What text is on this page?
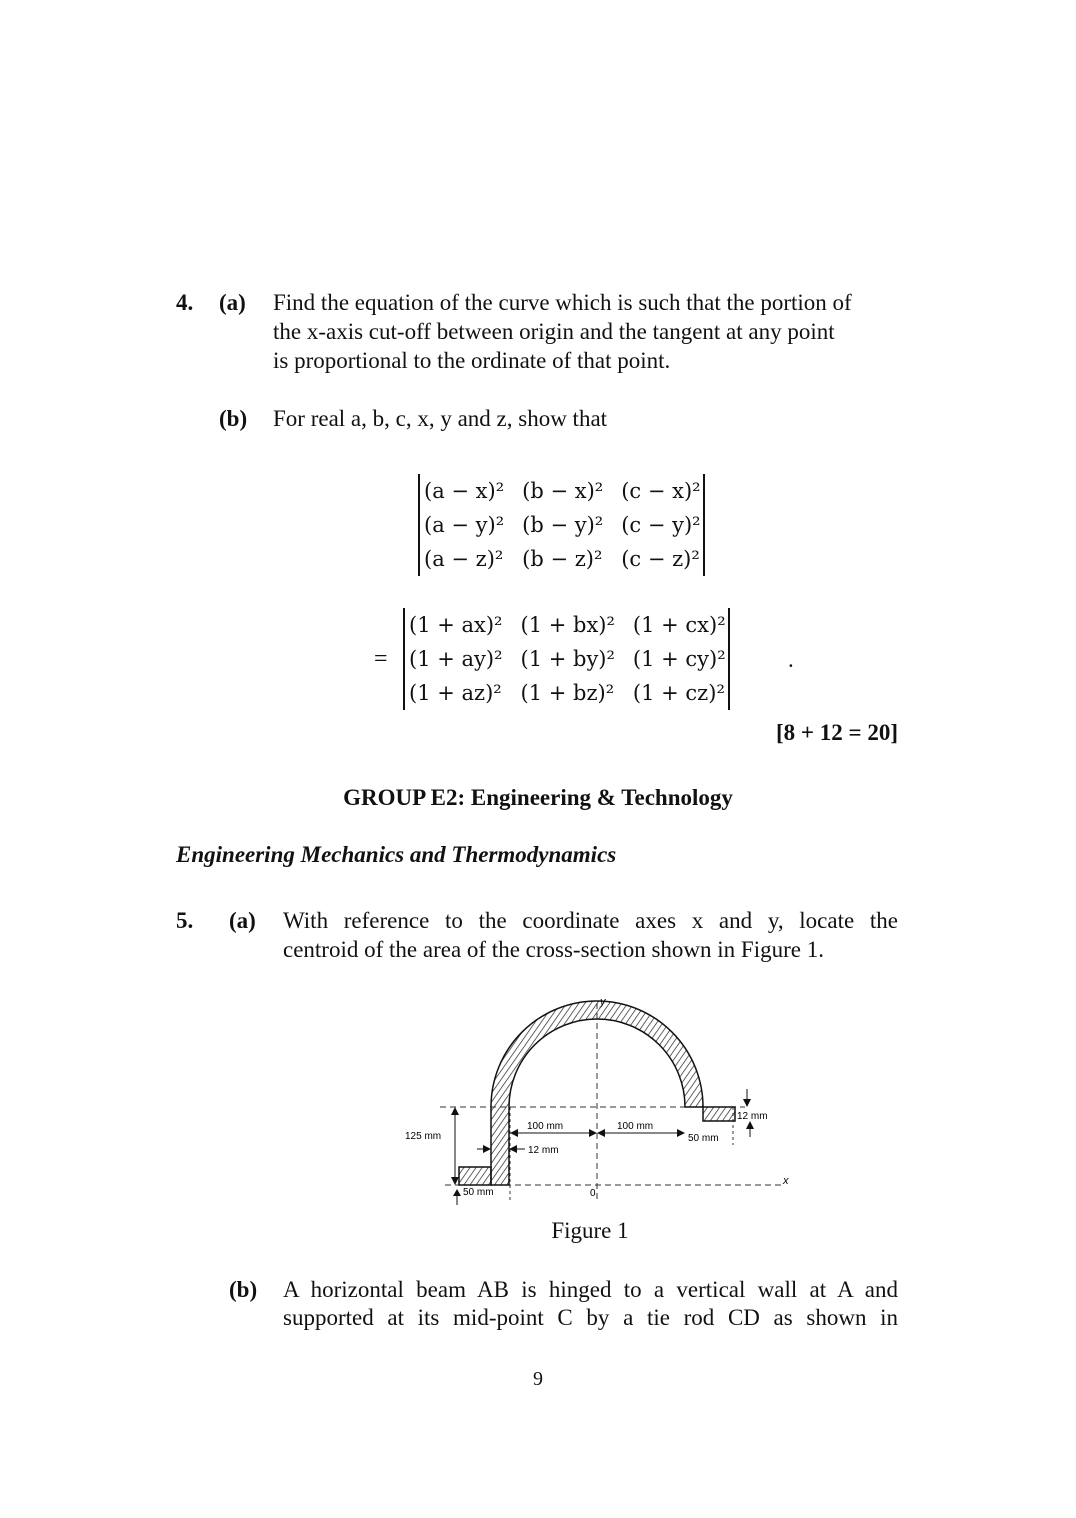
4. (a) Find the equation of the curve which is such that the portion of
the x-axis cut-off between origin and the tangent at any point
is proportional to the ordinate of that point.
(b) For real a, b, c, x, y and z, show that
(a − x)²	(b − x)²	(c − x)²
(a − y)²	(b − y)²	(c − y)²
(a − z)²	(b − z)²	(c − z)²
=
(1 + ax)²	(1 + bx)²	(1 + cx)²
(1 + ay)²	(1 + by)²	(1 + cy)²
(1 + az)²	(1 + bz)²	(1 + cz)²
.
[8 + 12 = 20]
GROUP E2: Engineering & Technology
Engineering Mechanics and Thermodynamics
5. (a) With reference to the coordinate axes x and y, locate the
centroid of the area of the cross-section shown in Figure 1.
125 mm
100 mm	100 mm
12 mm
50 mm
50 mm
12 mm
y
x
0
Figure 1
(b) A horizontal beam AB is hinged to a vertical wall at A and
supported at its mid-point C by a tie rod CD as shown in
9
